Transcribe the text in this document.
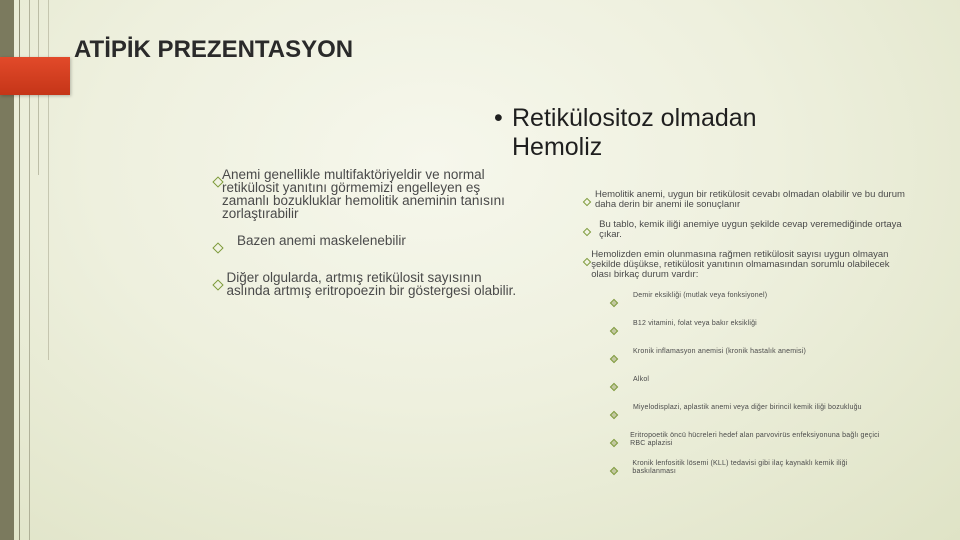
ATİPİK PREZENTASYON
• Retikülositoz olmadan
Hemoliz
Anemi genellikle multifaktöriyeldir ve normal retikülosit yanıtını görmemizi engelleyen eş zamanlı bozukluklar hemolitik aneminin tanısını zorlaştırabilir
Bazen anemi maskelenebilir
Diğer olgularda, artmış retikülosit sayısının aslında artmış eritropoezin bir göstergesi olabilir.
Hemolitik anemi, uygun bir retikülosit cevabı olmadan olabilir ve bu durum daha derin bir anemi ile sonuçlanır
Bu tablo, kemik iliği anemiye uygun şekilde cevap veremediğinde ortaya çıkar.
Hemolizden emin olunmasına rağmen retikülosit sayısı uygun olmayan şekilde düşükse, retikülosit yanıtının olmamasından sorumlu olabilecek olası birkaç durum vardır:
Demir eksikliği (mutlak veya fonksiyonel)
B12 vitamini, folat veya bakır eksikliği
Kronik inflamasyon anemisi (kronik hastalık anemisi)
Alkol
Miyelodisplazi, aplastik anemi veya diğer birincil kemik iliği bozukluğu
Eritropoetik öncü hücreleri hedef alan parvovirüs enfeksiyonuna bağlı geçici RBC aplazisi
Kronik lenfositik lösemi (KLL) tedavisi gibi ilaç kaynaklı kemik iliği baskılanması
